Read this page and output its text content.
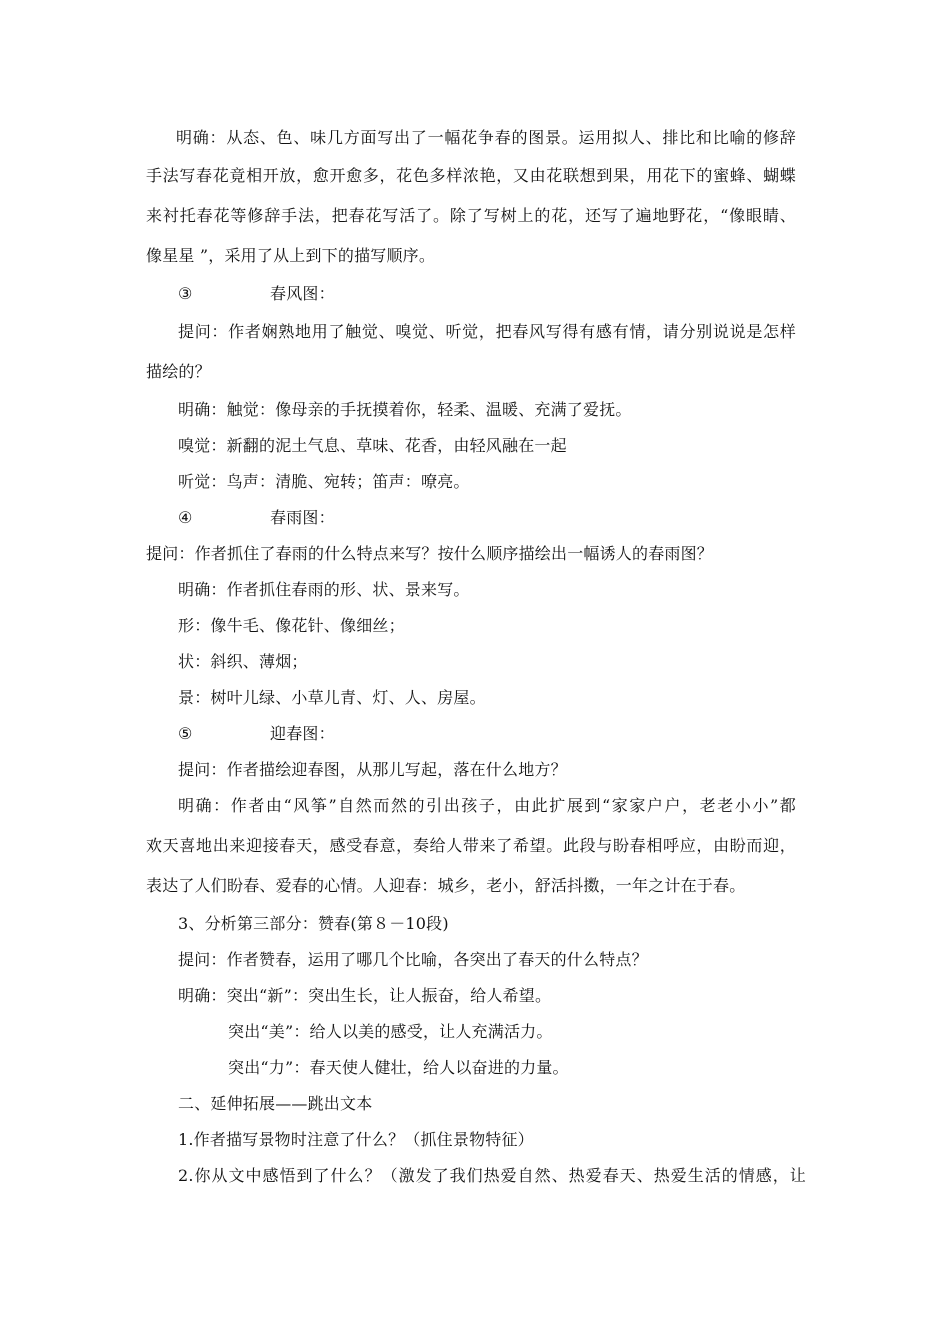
明确：从态、色、味几方面写出了一幅花争春的图景。运用拟人、排比和比喻的修辞
手法写春花竟相开放，愈开愈多，花色多样浓艳，又由花联想到果，用花下的蜜蜂、蝴蝶
来衬托春花等修辞手法，把春花写活了。除了写树上的花，还写了遍地野花，“像眼睛、
像星星 ”，采用了从上到下的描写顺序。
③	春风图：
提问：作者娴熟地用了触觉、嗅觉、听觉，把春风写得有感有情，请分别说说是怎样
描绘的？
明确：触觉：像母亲的手抚摸着你，轻柔、温暖、充满了爱抚。
嗅觉：新翻的泥土气息、草味、花香，由轻风融在一起
听觉：鸟声：清脆、宛转；笛声：嘹亮。
④	春雨图：
提问：作者抓住了春雨的什么特点来写？按什么顺序描绘出一幅诱人的春雨图？
明确：作者抓住春雨的形、状、景来写。
形：像牛毛、像花针、像细丝；
状：斜织、薄烟；
景：树叶儿绿、小草儿青、灯、人、房屋。
⑤	迎春图：
提问：作者描绘迎春图，从那儿写起，落在什么地方？
明确：作者由“风筝”自然而然的引出孩子，由此扩展到“家家户户，老老小小”都
欢天喜地出来迎接春天，感受春意，奏给人带来了希望。此段与盼春相呼应，由盼而迎，
表达了人们盼春、爱春的心情。人迎春：城乡，老小，舒活抖擞，一年之计在于春。
3、分析第三部分：赞春(第８－10段)
提问：作者赞春，运用了哪几个比喻，各突出了春天的什么特点？
明确：突出“新”：突出生长，让人振奋，给人希望。
突出“美”：给人以美的感受，让人充满活力。
突出“力”：春天使人健壮，给人以奋进的力量。
二、延伸拓展——跳出文本
1.作者描写景物时注意了什么？（抓住景物特征）
2.你从文中感悟到了什么？（激发了我们热爱自然、热爱春天、热爱生活的情感，让
